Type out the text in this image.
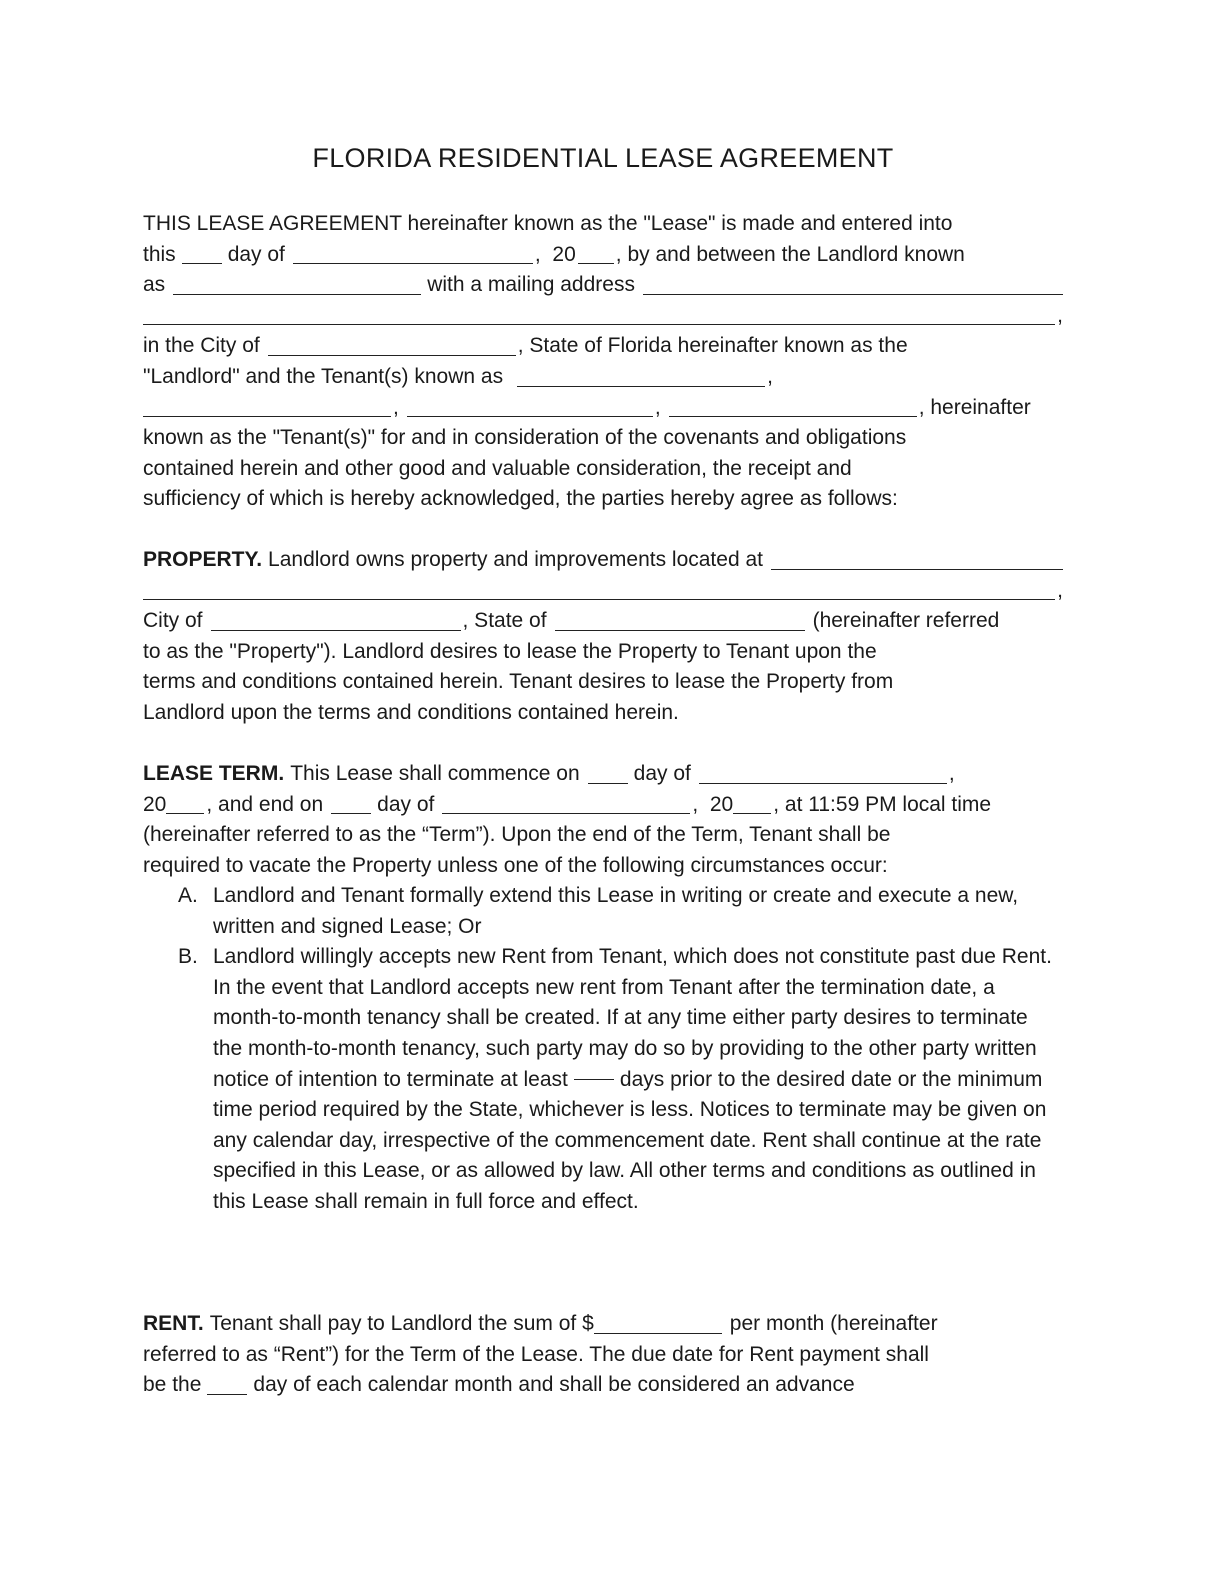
FLORIDA RESIDENTIAL LEASE AGREEMENT
THIS LEASE AGREEMENT hereinafter known as the "Lease" is made and entered into
this day of	,  20 , by and between the Landlord known
as	with a mailing address
,
in the City of	, State of Florida hereinafter known as the
"Landlord" and the Tenant(s) known as	,
,	,	, hereinafter
known as the "Tenant(s)" for and in consideration of the covenants and obligations
contained herein and other good and valuable consideration, the receipt and
sufficiency of which is hereby acknowledged, the parties hereby agree as follows:
PROPERTY. Landlord owns property and improvements located at
,
City of	, State of	(hereinafter referred
to as the "Property"). Landlord desires to lease the Property to Tenant upon the
terms and conditions contained herein. Tenant desires to lease the Property from
Landlord upon the terms and conditions contained herein.
LEASE TERM. This Lease shall commence on	day of	,
20 , and end on	day of	,  20 , at 11:59 PM local time
(hereinafter referred to as the “Term”). Upon the end of the Term, Tenant shall be
required to vacate the Property unless one of the following circumstances occur:
A. Landlord and Tenant formally extend this Lease in writing or create and execute a new, written and signed Lease; Or
B. Landlord willingly accepts new Rent from Tenant, which does not constitute past due Rent. In the event that Landlord accepts new rent from Tenant after the termination date, a month-to-month tenancy shall be created. If at any time either party desires to terminate the month-to-month tenancy, such party may do so by providing to the other party written notice of intention to terminate at least days prior to the desired date or the minimum time period required by the State, whichever is less. Notices to terminate may be given on any calendar day, irrespective of the commencement date. Rent shall continue at the rate specified in this Lease, or as allowed by law. All other terms and conditions as outlined in this Lease shall remain in full force and effect.
RENT. Tenant shall pay to Landlord the sum of $	per month (hereinafter
referred to as “Rent”) for the Term of the Lease. The due date for Rent payment shall
be the day of each calendar month and shall be considered an advance
